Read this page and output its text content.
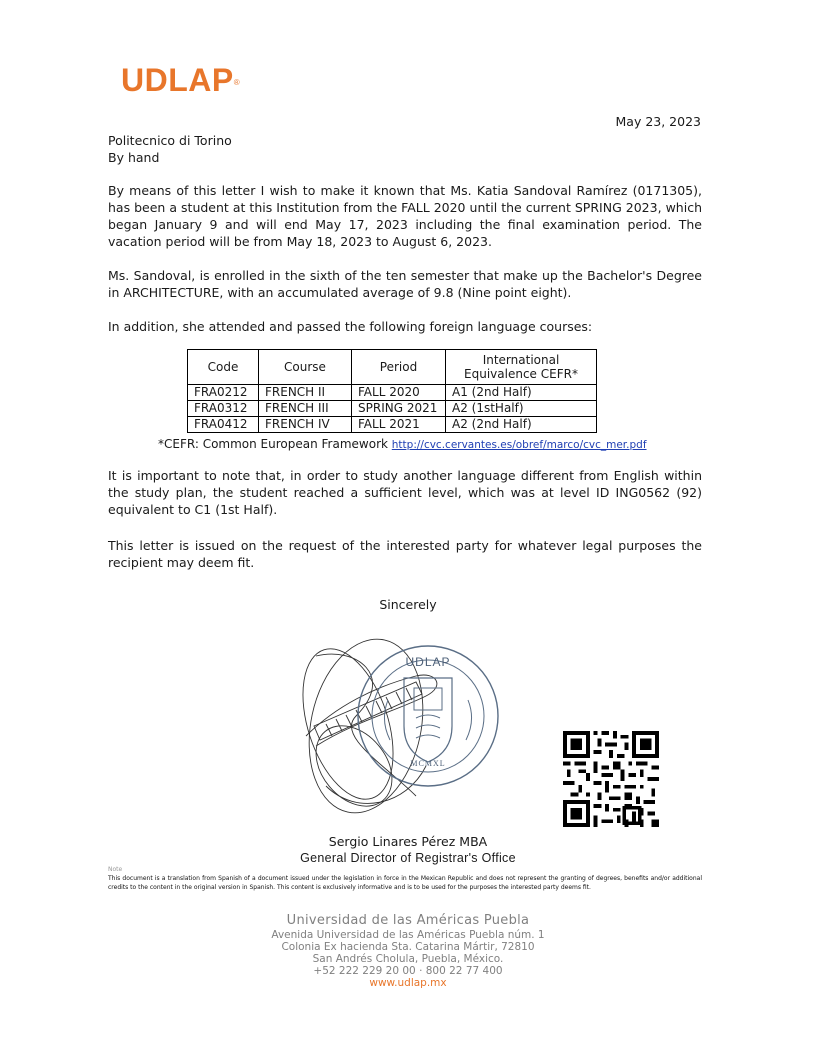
UDLAP®
May 23, 2023
Politecnico di Torino
By hand
By means of this letter I wish to make it known that Ms. Katia Sandoval Ramírez (0171305), has been a student at this Institution from the FALL 2020 until the current SPRING 2023, which began January 9 and will end May 17, 2023 including the final examination period. The vacation period will be from May 18, 2023 to August 6, 2023.
Ms. Sandoval, is enrolled in the sixth of the ten semester that make up the Bachelor's Degree in ARCHITECTURE, with an accumulated average of 9.8 (Nine point eight).
In addition, she attended and passed the following foreign language courses:
Code	Course	Period	International Equivalence CEFR*
FRA0212	FRENCH II	FALL 2020	A1 (2nd Half)
FRA0312	FRENCH III	SPRING 2021	A2 (1stHalf)
FRA0412	FRENCH IV	FALL 2021	A2 (2nd Half)
*CEFR: Common European Framework http://cvc.cervantes.es/obref/marco/cvc_mer.pdf
It is important to note that, in order to study another language different from English within the study plan, the student reached a sufficient level, which was at level ID ING0562 (92) equivalent to C1 (1st Half).
This letter is issued on the request of the interested party for whatever legal purposes the recipient may deem fit.
Sincerely
UDLAP
MCMXL
Sergio Linares Pérez MBA
General Director of Registrar's Office
Note
This document is a translation from Spanish of a document issued under the legislation in force in the Mexican Republic and does not represent the granting of degrees, benefits and/or additional credits to the content in the original version in Spanish. This content is exclusively informative and is to be used for the purposes the interested party deems fit.
Universidad de las Américas Puebla
Avenida Universidad de las Américas Puebla núm. 1
Colonia Ex hacienda Sta. Catarina Mártir, 72810
San Andrés Cholula, Puebla, México.
+52 222 229 20 00 · 800 22 77 400
www.udlap.mx
